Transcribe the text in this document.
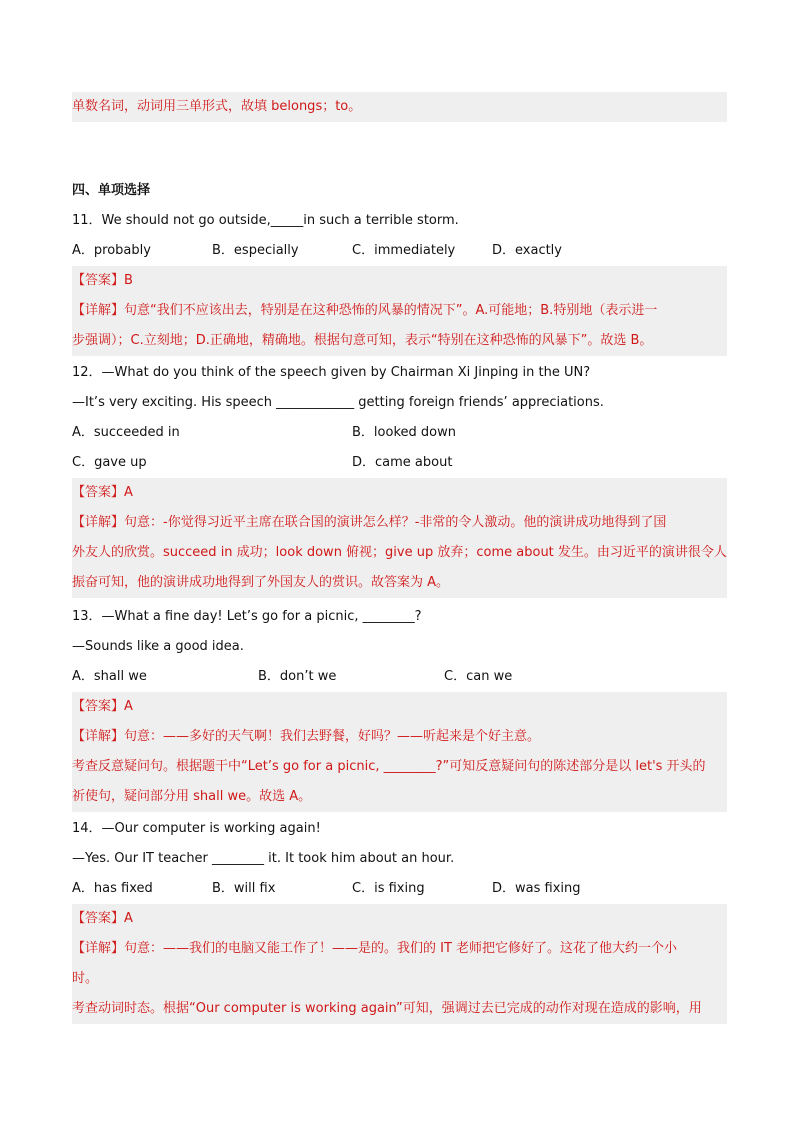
单数名词，动词用三单形式，故填 belongs；to。
四、单项选择
11．We should not go outside,_____in such a terrible storm.
A．probably	B．especially	C．immediately	D．exactly
【答案】B
【详解】句意“我们不应该出去，特别是在这种恐怖的风暴的情况下”。A.可能地；B.特别地（表示进一
步强调）；C.立刻地；D.正确地，精确地。根据句意可知，表示“特别在这种恐怖的风暴下”。故选 B。
12．—What do you think of the speech given by Chairman Xi Jinping in the UN?
—It’s very exciting. His speech ____________ getting foreign friends’ appreciations.
A．succeeded in	B．looked down
C．gave up	D．came about
【答案】A
【详解】句意：-你觉得习近平主席在联合国的演讲怎么样？-非常的令人激动。他的演讲成功地得到了国
外友人的欣赏。succeed in 成功；look down 俯视；give up 放弃；come about 发生。由习近平的演讲很令人
振奋可知，他的演讲成功地得到了外国友人的赏识。故答案为 A。
13．—What a fine day! Let’s go for a picnic, ________?
—Sounds like a good idea.
A．shall we	B．don’t we	C．can we
【答案】A
【详解】句意：——多好的天气啊！我们去野餐，好吗？——听起来是个好主意。
考查反意疑问句。根据题干中“Let’s go for a picnic, ________?”可知反意疑问句的陈述部分是以 let's 开头的
祈使句，疑问部分用 shall we。故选 A。
14．—Our computer is working again!
—Yes. Our IT teacher ________ it. It took him about an hour.
A．has fixed	B．will fix	C．is fixing	D．was fixing
【答案】A
【详解】句意：——我们的电脑又能工作了！——是的。我们的 IT 老师把它修好了。这花了他大约一个小
时。
考查动词时态。根据“Our computer is working again”可知，强调过去已完成的动作对现在造成的影响，用
